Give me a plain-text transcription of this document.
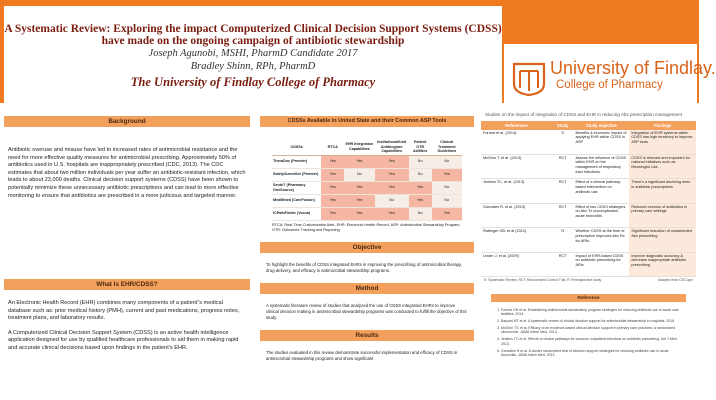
A Systematic Review: Exploring the impact Computerized Clinical Decision Support Systems (CDSS) have made on the ongoing campaign of antibiotic stewardship
Joseph Agunobi, MSHI, PharmD Candidate 2017
Bradley Shinn, RPh, PharmD
The University of Findlay College of Pharmacy
University of Findlay.
College of Pharmacy
Background

Antibiotic overuse and misuse have led to increased rates of antimicrobial resistance and the need for more effective quality measures for antimicrobial prescribing. Approximately 50% of antibiotics used in U.S. hospitals are inappropriately prescribed (CDC, 2013). The CDC estimates that about two million individuals per year suffer an antibiotic-resistant infection, which leads to about 23,000 deaths. Clinical decision support systems (CDSS) have been shown to potentially minimize these unnecessary antibiotic prescriptions and can lead to more effective monitoring to ensure that antibiotics are prescribed in a more judicious and targeted manner.

What Is EHR/CDSS?

An Electronic Health Record (EHR) combines many components of a patient”s medical database such as: prior medical history (PMH), current and past medications, progress notes, treatment plans, and laboratory results.

A Computerized Clinical Decision Support System (CDSS) is an active health intelligence application designed for use by qualified healthcare professionals to aid them in making rapid and accurate clinical decisions based upon findings in the patient’s EHR.

CDSSs Available in United State and their Common ASP Tools
CDSSs	RTCA	EHR Integration Capabilities	Institutional/Unit Antibiogram Capabilities	Patient OTR Abilities	Clinical Treatment Guidelines
TheraDoc (Premier)	Yes	Yes	Yes	No	No
SafetySurveillor (Premier)	Yes	No	Yes	No	Yes
Sentri7 (Pharmacy OneSource)	Yes	Yes	Yes	Yes	No
MedMined (CareFusion)	Yes	Yes	No	Yes	No
ICPathFinder (Vecna)	Yes	Yes	Yes	No	Yes
RTCA: Real-Time Customizable Alert, EHR: Electronic Health Record, ASP: Antimicrobial Stewardship Program, OTR: Outcomes Tracking and Reporting
Objective
To highlight the benefits of CDSS integrated EHRs in improving the prescribing of antimicrobial therapy, drug delivery, and efficacy in antimicrobial stewardship programs.
Method
A systematic literature review of studies that analyzed the use of CDSS integrated EHRs to improve clinical decision making in antimicrobial stewardship programs was conducted to fulfill the objective of this study.
Results
The studies evaluated in this review demonstrate successful implementation and efficacy of CDSS in antimicrobial stewardship programs and show significant
Studies on the impact of integration of CDSS and EHR in reducing Abx prescription management
References	Study	Study objective	Findings
Forrest et al. (2014).	S	Benefits & economic impact of applying EHR within CDSS in ASP	Integration of EHR systems within CDSS has high tendency to improve ASP tools
McGinn T. et al. (2013)	RCT	Assess the influence of CDSS within EHR on the management of respiratory tract infections.	CDSS is relevant and important for national initiatives such as Meaningful Use.
Jenkins TC, et al. (2013)	RCT	Effect of a clinical pathway-based intervention on antibiotic use	There's a significant declining seen in antibiotic prescriptions
Gonzales R. et al. (2013)	RCT	Effect of two CDSS strategies on Abx Tx uncomplicated acute bronchitis	Reduced overuse of antibiotics in primary care settings
Rattinger GB, et al (2012).	R	Whether CDSS at the time of prescription improves Abx Rx for ARIs.	Significant reduction of unwarranted Abx prescribing
Linder J, et al. (2009)	RCT	Impact of EHR-based CDSS on antibiotic prescribing for ARIs.	Improve diagnostic accuracy & decrease inappropriate antibiotic prescribing
S: Systematic Review, RCT: Randomized Control Trial, R: Retrospective study	Adapted from CDC.gov
Reference
1. Forrest GN et al. Establishing antimicrobial stewardship program strategies for reducing antibiotic use in acute care facilities. 2014.
2. Baysari MT et al. A systematic review of clinical decision support for antimicrobial stewardship in hospitals. 2016.
3. McGinn TG et al. Efficacy of an evidence-based clinical decision support in primary care practices: a randomized clinical trial. JAMA Intern Med. 2013.
4. Jenkins TC et al. Effects of clinical pathways for common outpatient infections on antibiotic prescribing. Am J Med. 2013.
5. Gonzales R et al. A cluster randomized trial of decision support strategies for reducing antibiotic use in acute bronchitis. JAMA Intern Med. 2013.
